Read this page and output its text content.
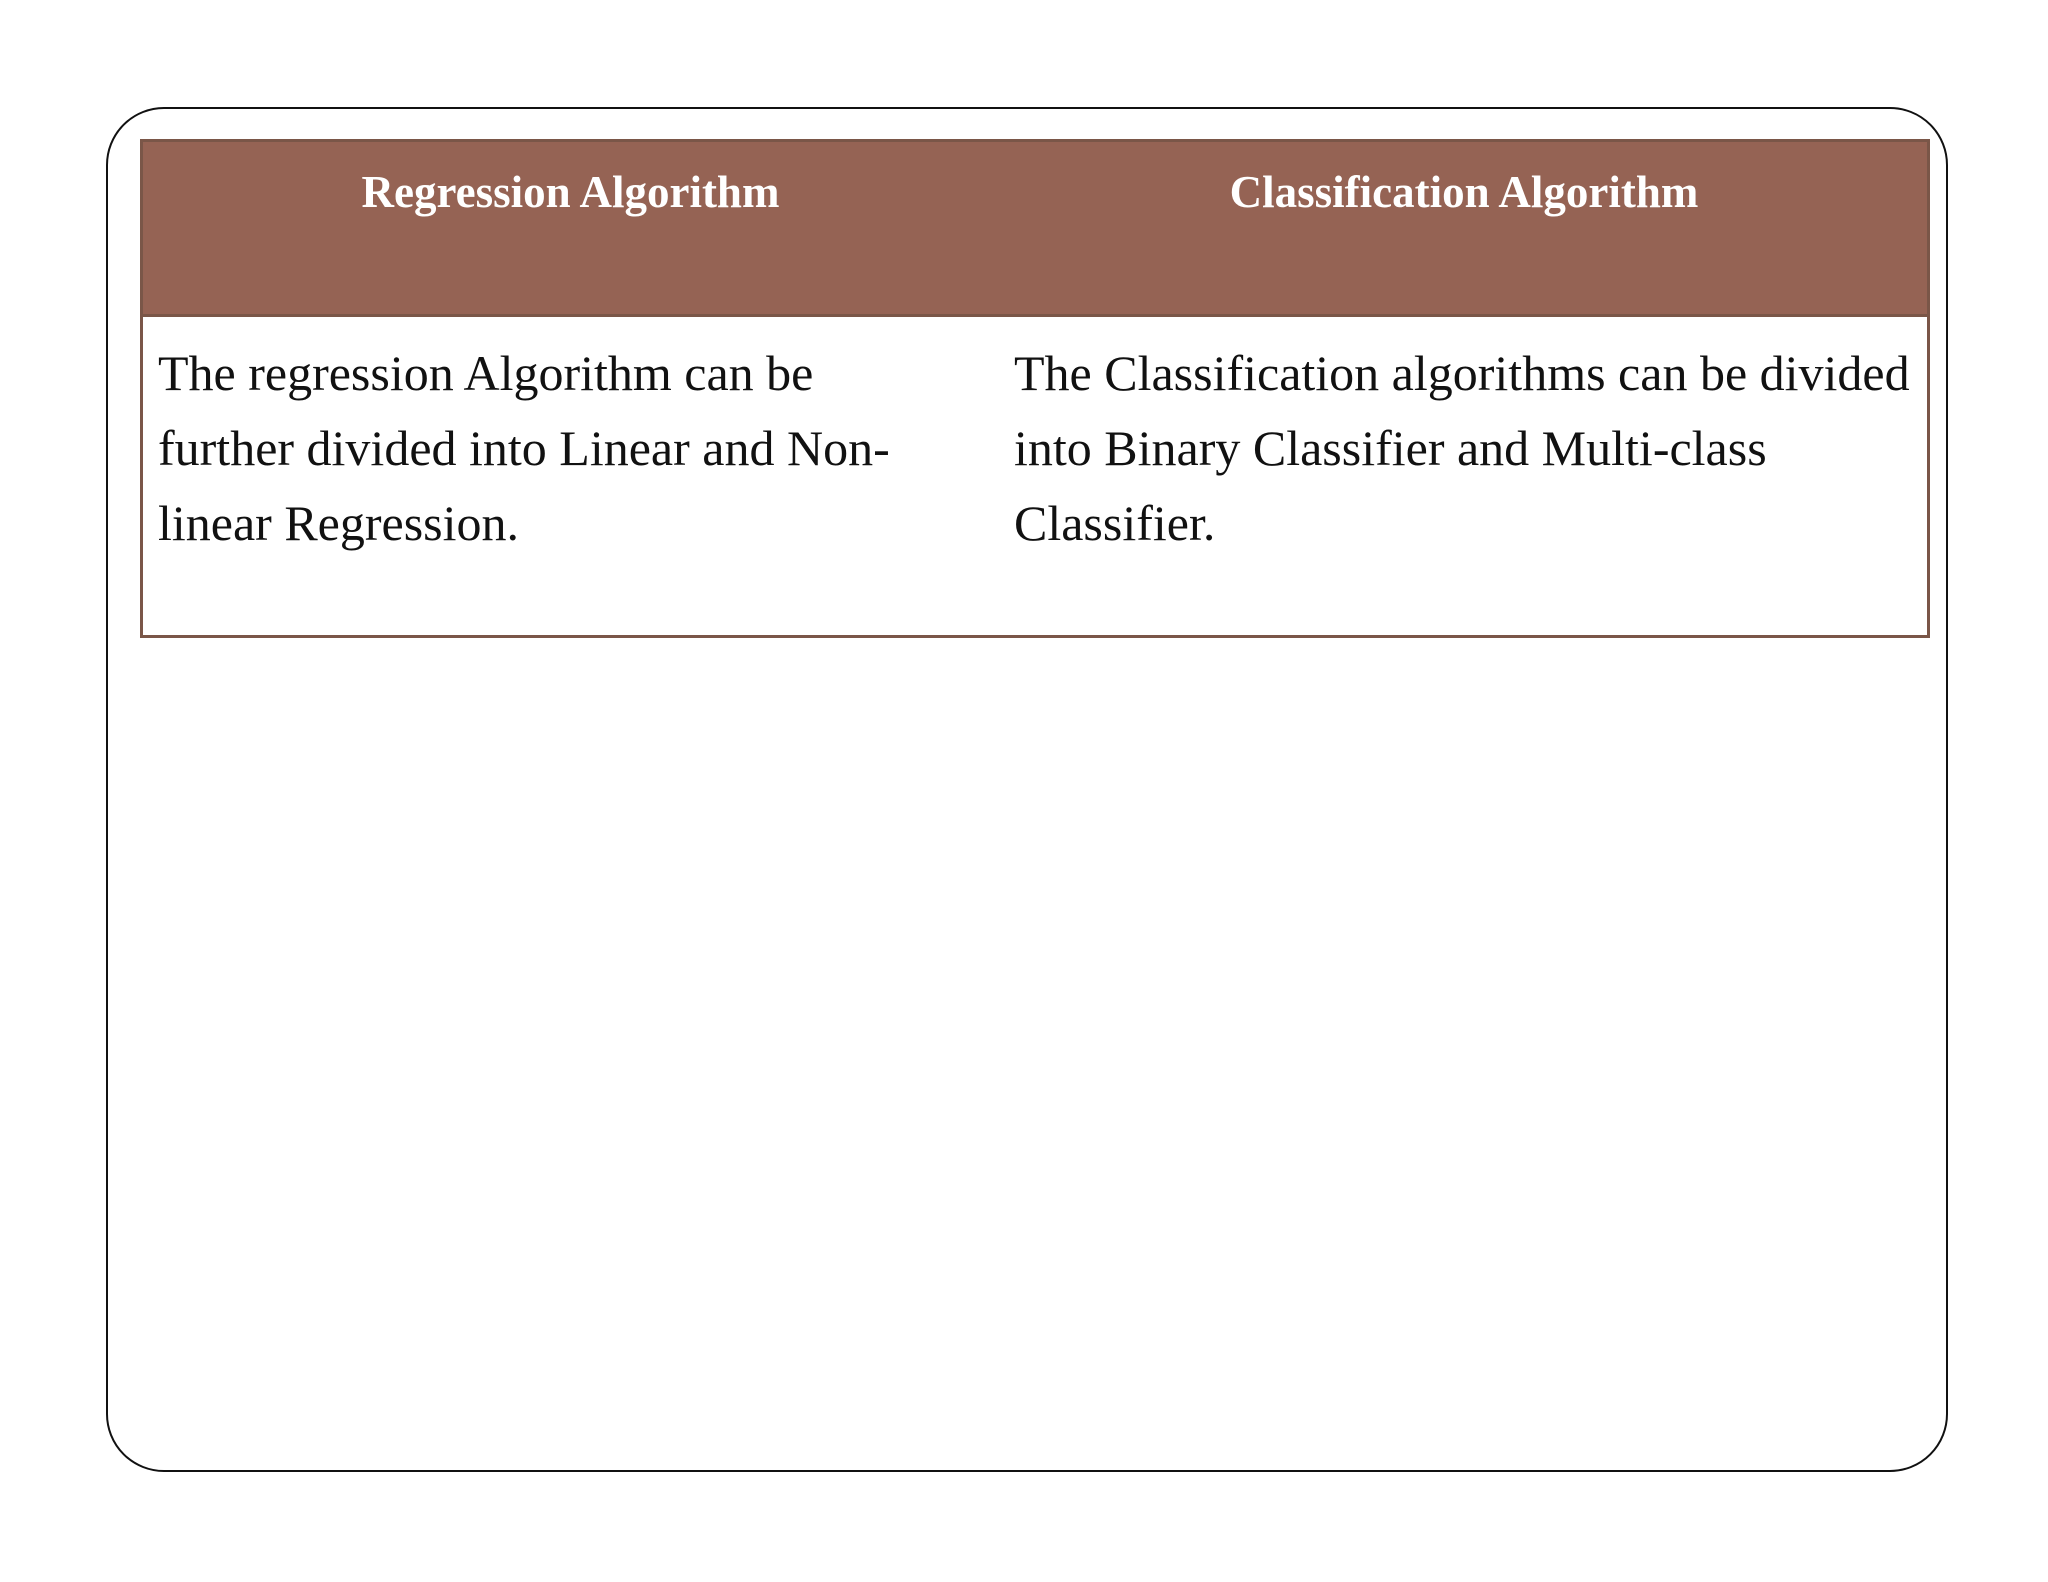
Regression Algorithm	Classification Algorithm
The regression Algorithm can be further divided into Linear and Non-linear Regression.
The Classification algorithms can be divided into Binary Classifier and Multi-class Classifier.
